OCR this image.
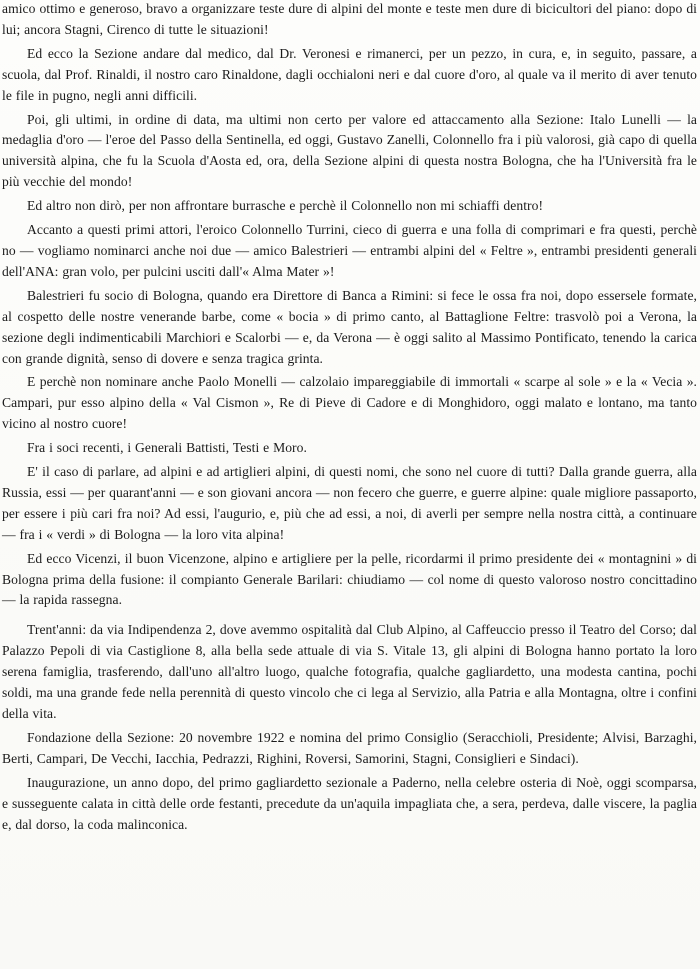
amico ottimo e generoso, bravo a organizzare teste dure di alpini del monte e teste men dure di bicicultori del piano: dopo di lui; ancora Stagni, Cirenco di tutte le situazioni!

Ed ecco la Sezione andare dal medico, dal Dr. Veronesi e rimanerci, per un pezzo, in cura, e, in seguito, passare, a scuola, dal Prof. Rinaldi, il nostro caro Rinaldone, dagli occhialoni neri e dal cuore d'oro, al quale va il merito di aver tenuto le file in pugno, negli anni difficili.

Poi, gli ultimi, in ordine di data, ma ultimi non certo per valore ed attaccamento alla Sezione: Italo Lunelli — la medaglia d'oro — l'eroe del Passo della Sentinella, ed oggi, Gustavo Zanelli, Colonnello fra i più valorosi, già capo di quella università alpina, che fu la Scuola d'Aosta ed, ora, della Sezione alpini di questa nostra Bologna, che ha l'Università fra le più vecchie del mondo!

Ed altro non dirò, per non affrontare burrasche e perchè il Colonnello non mi schiaffi dentro!

Accanto a questi primi attori, l'eroico Colonnello Turrini, cieco di guerra e una folla di comprimari e fra questi, perchè no — vogliamo nominarci anche noi due — amico Balestrieri — entrambi alpini del « Feltre », entrambi presidenti generali dell'ANA: gran volo, per pulcini usciti dall'« Alma Mater »!

Balestrieri fu socio di Bologna, quando era Direttore di Banca a Rimini: si fece le ossa fra noi, dopo essersele formate, al cospetto delle nostre venerande barbe, come « bocia » di primo canto, al Battaglione Feltre: trasvolò poi a Verona, la sezione degli indimenticabili Marchiori e Scalorbi — e, da Verona — è oggi salito al Massimo Pontificato, tenendo la carica con grande dignità, senso di dovere e senza tragica grinta.

E perchè non nominare anche Paolo Monelli — calzolaio impareggiabile di immortali « scarpe al sole » e la « Vecia ». Campari, pur esso alpino della « Val Cismon », Re di Pieve di Cadore e di Monghidoro, oggi malato e lontano, ma tanto vicino al nostro cuore!

Fra i soci recenti, i Generali Battisti, Testi e Moro.

E' il caso di parlare, ad alpini e ad artiglieri alpini, di questi nomi, che sono nel cuore di tutti? Dalla grande guerra, alla Russia, essi — per quarant'anni — e son giovani ancora — non fecero che guerre, e guerre alpine: quale migliore passaporto, per essere i più cari fra noi? Ad essi, l'augurio, e, più che ad essi, a noi, di averli per sempre nella nostra città, a continuare — fra i « verdi » di Bologna — la loro vita alpina!

Ed ecco Vicenzi, il buon Vicenzone, alpino e artigliere per la pelle, ricordarmi il primo presidente dei « montagnini » di Bologna prima della fusione: il compianto Generale Barilari: chiudiamo — col nome di questo valoroso nostro concittadino — la rapida rassegna.

Trent'anni: da via Indipendenza 2, dove avemmo ospitalità dal Club Alpino, al Caffeuccio presso il Teatro del Corso; dal Palazzo Pepoli di via Castiglione 8, alla bella sede attuale di via S. Vitale 13, gli alpini di Bologna hanno portato la loro serena famiglia, trasferendo, dall'uno all'altro luogo, qualche fotografia, qualche gagliardetto, una modesta cantina, pochi soldi, ma una grande fede nella perennità di questo vincolo che ci lega al Servizio, alla Patria e alla Montagna, oltre i confini della vita.

Fondazione della Sezione: 20 novembre 1922 e nomina del primo Consiglio (Seracchioli, Presidente; Alvisi, Barzaghi, Berti, Campari, De Vecchi, Iacchia, Pedrazzi, Righini, Roversi, Samorini, Stagni, Consiglieri e Sindaci).

Inaugurazione, un anno dopo, del primo gagliardetto sezionale a Paderno, nella celebre osteria di Noè, oggi scomparsa, e susseguente calata in città delle orde festanti, precedute da un'aquila impagliata che, a sera, perdeva, dalle viscere, la paglia e, dal dorso, la coda malinconica.
